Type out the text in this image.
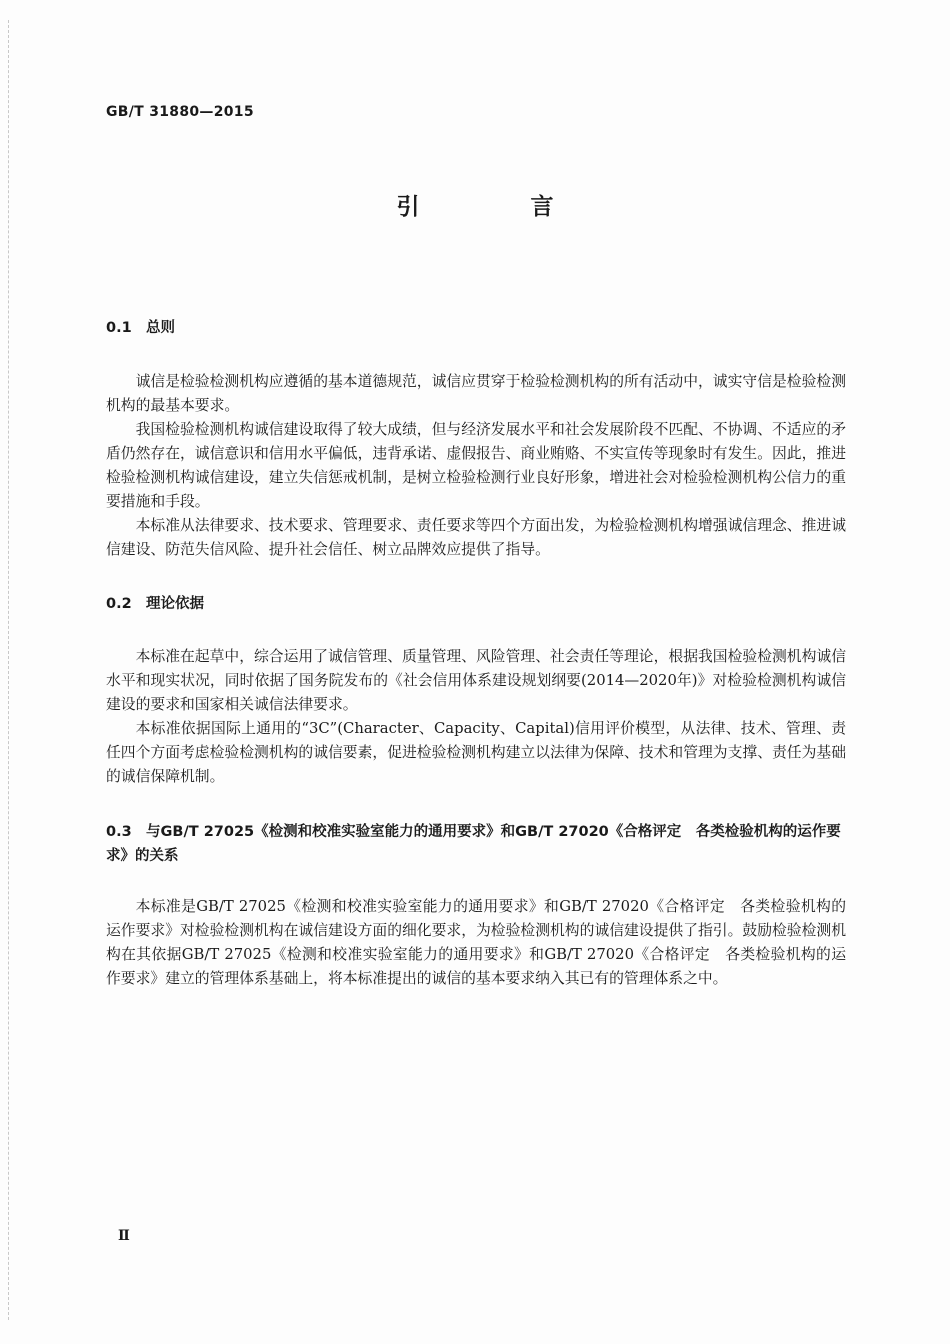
GB/T 31880—2015
引　言
0.1 总则

诚信是检验检测机构应遵循的基本道德规范，诚信应贯穿于检验检测机构的所有活动中，诚实守信是检验检测机构的最基本要求。

我国检验检测机构诚信建设取得了较大成绩，但与经济发展水平和社会发展阶段不匹配、不协调、不适应的矛盾仍然存在，诚信意识和信用水平偏低，违背承诺、虚假报告、商业贿赂、不实宣传等现象时有发生。因此，推进检验检测机构诚信建设，建立失信惩戒机制，是树立检验检测行业良好形象，增进社会对检验检测机构公信力的重要措施和手段。

本标准从法律要求、技术要求、管理要求、责任要求等四个方面出发，为检验检测机构增强诚信理念、推进诚信建设、防范失信风险、提升社会信任、树立品牌效应提供了指导。

0.2 理论依据

本标准在起草中，综合运用了诚信管理、质量管理、风险管理、社会责任等理论，根据我国检验检测机构诚信水平和现实状况，同时依据了国务院发布的《社会信用体系建设规划纲要(2014—2020年)》对检验检测机构诚信建设的要求和国家相关诚信法律要求。

本标准依据国际上通用的“3C”(Character、Capacity、Capital)信用评价模型，从法律、技术、管理、责任四个方面考虑检验检测机构的诚信要素，促进检验检测机构建立以法律为保障、技术和管理为支撑、责任为基础的诚信保障机制。

0.3 与GB/T 27025《检测和校准实验室能力的通用要求》和GB/T 27020《合格评定　各类检验机构的运作要求》的关系

本标准是GB/T 27025《检测和校准实验室能力的通用要求》和GB/T 27020《合格评定　各类检验机构的运作要求》对检验检测机构在诚信建设方面的细化要求，为检验检测机构的诚信建设提供了指引。鼓励检验检测机构在其依据GB/T 27025《检测和校准实验室能力的通用要求》和GB/T 27020《合格评定　各类检验机构的运作要求》建立的管理体系基础上，将本标准提出的诚信的基本要求纳入其已有的管理体系之中。

Ⅱ
